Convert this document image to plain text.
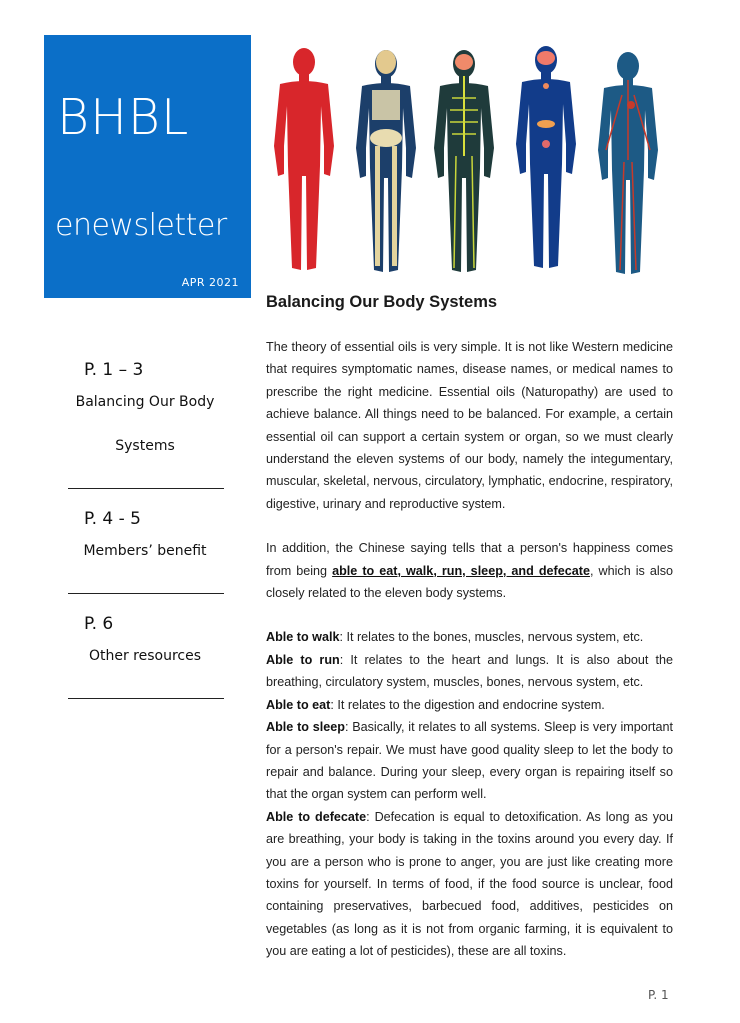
BHBL
enewsletter
APR 2021
P. 1 – 3
Balancing Our Body
Systems
P. 4 - 5
Members’ benefit
P. 6
Other resources
Balancing Our Body Systems

The theory of essential oils is very simple. It is not like Western medicine that requires symptomatic names, disease names, or medical names to prescribe the right medicine. Essential oils (Naturopathy) are used to achieve balance. All things need to be balanced. For example, a certain essential oil can support a certain system or organ, so we must clearly understand the eleven systems of our body, namely the integumentary, muscular, skeletal, nervous, circulatory, lymphatic, endocrine, respiratory, digestive, urinary and reproductive system.

In addition, the Chinese saying tells that a person's happiness comes from being able to eat, walk, run, sleep, and defecate, which is also closely related to the eleven body systems.

Able to walk: It relates to the bones, muscles, nervous system, etc.

Able to run: It relates to the heart and lungs. It is also about the breathing, circulatory system, muscles, bones, nervous system, etc.

Able to eat: It relates to the digestion and endocrine system.

Able to sleep: Basically, it relates to all systems. Sleep is very important for a person's repair. We must have good quality sleep to let the body to repair and balance. During your sleep, every organ is repairing itself so that the organ system can perform well.

Able to defecate: Defecation is equal to detoxification. As long as you are breathing, your body is taking in the toxins around you every day. If you are a person who is prone to anger, you are just like creating more toxins for yourself. In terms of food, if the food source is unclear, food containing preservatives, barbecued food, additives, pesticides on vegetables (as long as it is not from organic farming, it is equivalent to you are eating a lot of pesticides), these are all toxins.

P. 1
